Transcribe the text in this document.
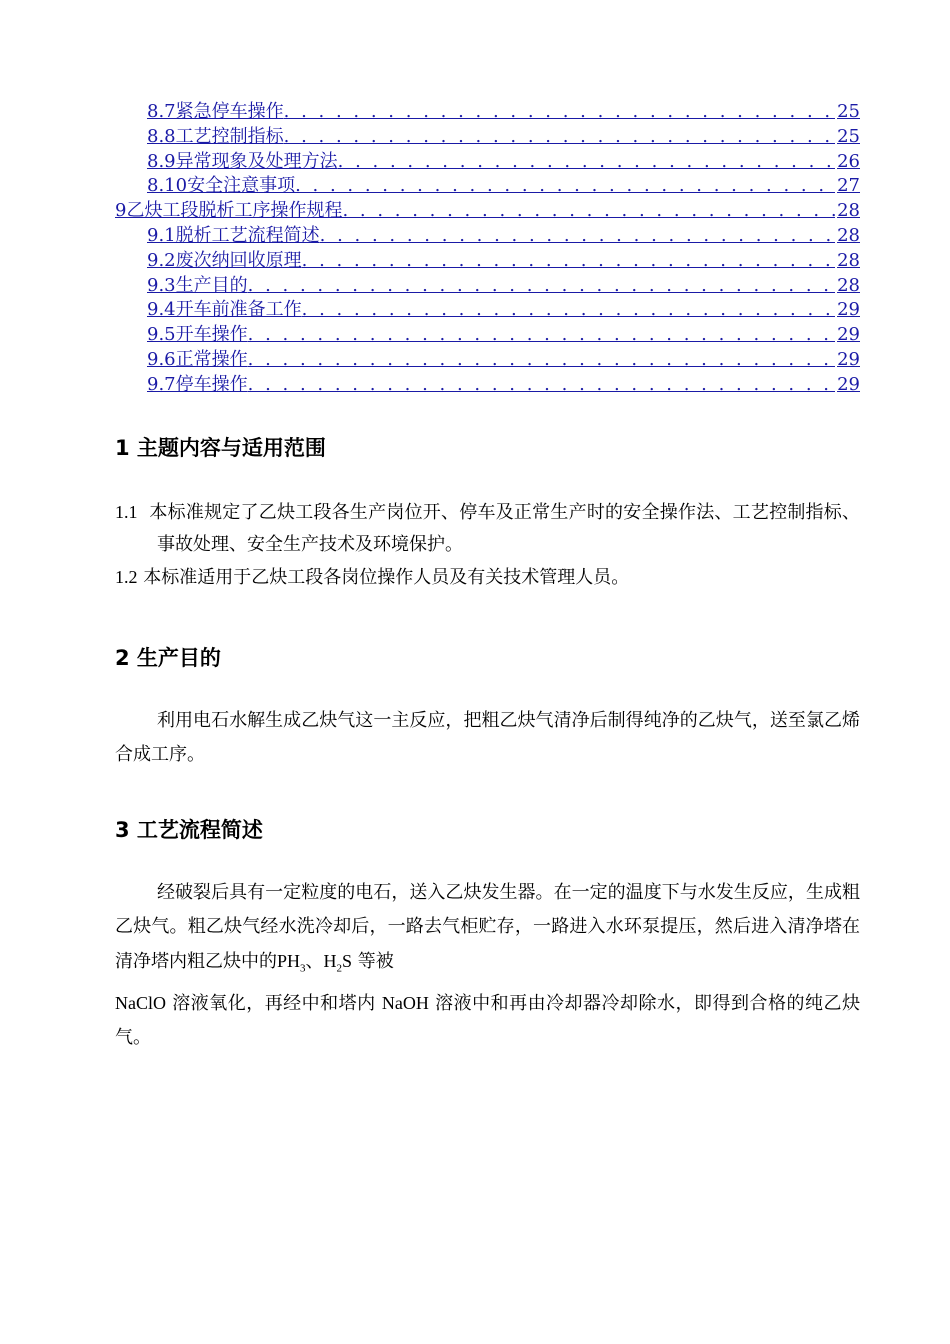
8.7紧急停车操作 . . .	25
8.8工艺控制指标 . . .	25
8.9异常现象及处理方法 . . .	26
8.10安全注意事项 . . .	27
9乙炔工段脱析工序操作规程 . . .	28
9.1脱析工艺流程简述 . . .	28
9.2废次纳回收原理 . . .	28
9.3生产目的 . . .	28
9.4开车前准备工作 . . .	29
9.5开车操作 . . .	29
9.6正常操作 . . .	29
9.7停车操作 . . .	29
1 主题内容与适用范围
1.1 本标准规定了乙炔工段各生产岗位开、停车及正常生产时的安全操作法、工艺控制指标、事故处理、安全生产技术及环境保护。
1.2 本标准适用于乙炔工段各岗位操作人员及有关技术管理人员。
2 生产目的
利用电石水解生成乙炔气这一主反应，把粗乙炔气清净后制得纯净的乙炔气，送至氯乙烯合成工序。
3 工艺流程简述
经破裂后具有一定粒度的电石，送入乙炔发生器。在一定的温度下与水发生反应，生成粗乙炔气。粗乙炔气经水洗冷却后，一路去气柜贮存，一路进入水环泵提压，然后进入清净塔在清净塔内粗乙炔中的$PH_3$、$H_2S$ 等被
NaClO 溶液氧化，再经中和塔内 NaOH 溶液中和再由冷却器冷却除水，即得到合格的纯乙炔气。
